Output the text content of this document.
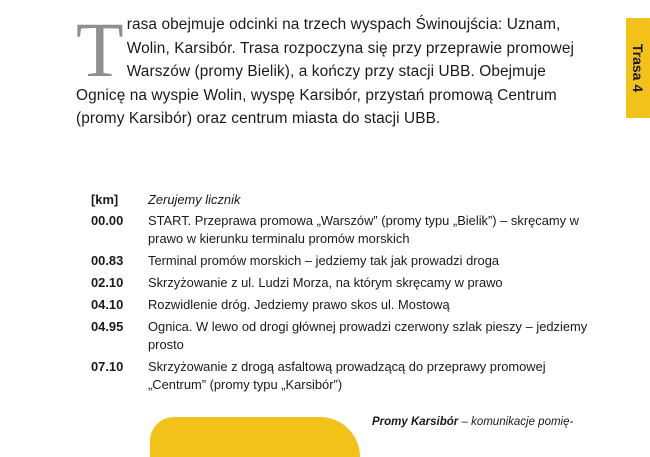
Trasa 4
Trasa obejmuje odcinki na trzech wyspach Świnoujścia: Uznam, Wolin, Karsibór. Trasa rozpoczyna się przy przeprawie promowej Warszów (promy Bielik), a kończy przy stacji UBB. Obejmuje Ognicę na wyspie Wolin, wyspę Karsibór, przystań promową Centrum (promy Karsibór) oraz centrum miasta do stacji UBB.
[km]	Zerujemy licznik
00.00	START. Przeprawa promowa „Warszów” (promy typu „Bielik”) – skręcamy w prawo w kierunku terminalu promów morskich
00.83	Terminal promów morskich – jedziemy tak jak prowadzi droga
02.10	Skrzyżowanie z ul. Ludzi Morza, na którym skręcamy w prawo
04.10	Rozwidlenie dróg. Jedziemy prawo skos ul. Mostową
04.95	Ognica. W lewo od drogi głównej prowadzi czerwony szlak pieszy – jedziemy prosto
07.10	Skrzyżowanie z drogą asfaltową prowadzącą do przeprawy promowej „Centrum” (promy typu „Karsibór”)
Promy Karsibór – komunikacje pomię-
